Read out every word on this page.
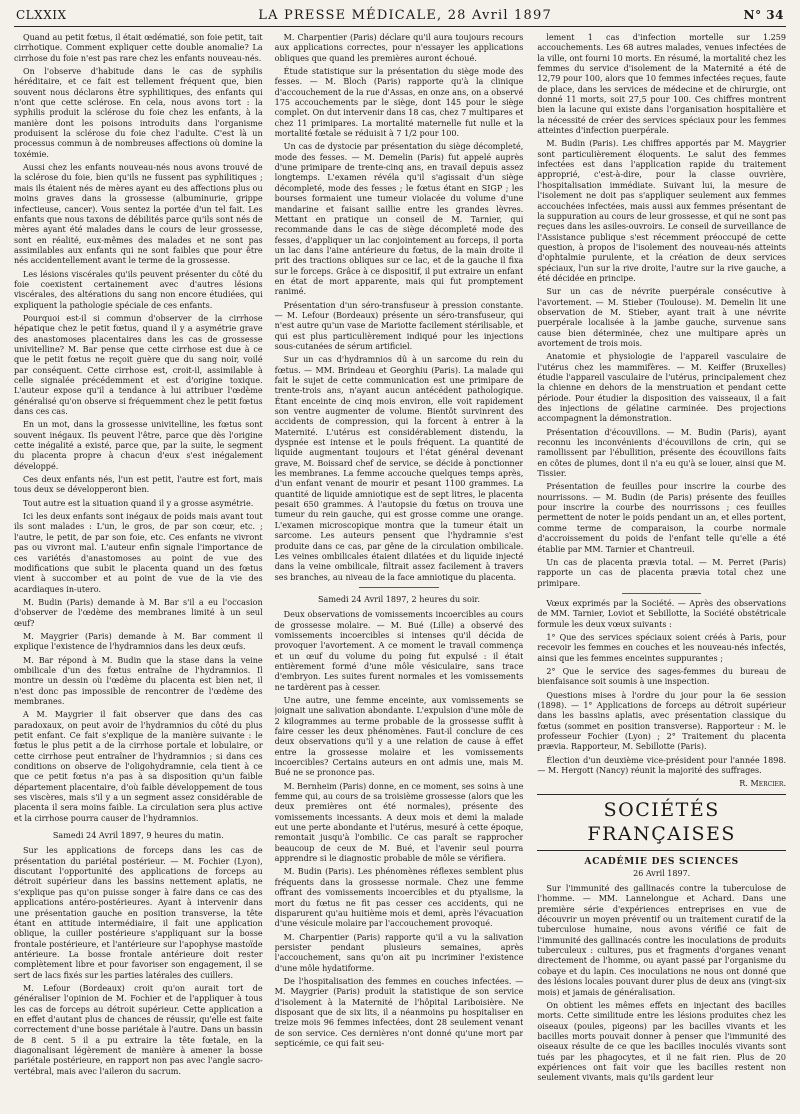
CLXXIX	LA PRESSE MÉDICALE, 28 Avril 1897	N° 34

Quand au petit fœtus, il était œdématié, son foie petit, tait cirrhotique. Comment expliquer cette double anomalie? La cirrhose du foie n'est pas rare chez les enfants nouveau-nés.

On l'observe d'habitude dans le cas de syphilis héréditaire, et ce fait est tellement fréquent que, bien souvent nous déclarons être syphilitiques, des enfants qui n'ont que cette sclérose. En cela, nous avons tort : la syphilis produit la sclérose du foie chez les enfants, à la manière dont les poisons introduits dans l'organisme produisent la sclérose du foie chez l'adulte. C'est là un processus commun à de nombreuses affections où domine la toxémie.

Aussi chez les enfants nouveau-nés nous avons trouvé de la sclérose du foie, bien qu'ils ne fussent pas syphilitiques ; mais ils étaient nés de mères ayant eu des affections plus ou moins graves dans la grossesse (albuminurie, grippe infectieuse, cancer). Vous sentez la portée d'un tel fait. Les enfants que nous taxons de débilités parce qu'ils sont nés de mères ayant été malades dans le cours de leur grossesse, sont en réalité, eux-mêmes des malades et ne sont pas assimilables aux enfants qui ne sont faibles que pour être nés accidentellement avant le terme de la grossesse.

Les lésions viscérales qu'ils peuvent présenter du côté du foie coexistent certainement avec d'autres lésions viscérales, des altérations du sang non encore étudiées, qui expliquent la pathologie spéciale de ces enfants.

Pourquoi est-il si commun d'observer de la cirrhose hépatique chez le petit fœtus, quand il y a asymétrie grave des anastomoses placentaires dans les cas de grossesse univitelline? M. Bar pense que cette cirrhose est due à ce que le petit fœtus ne reçoit guère que du sang noir, voilé par conséquent. Cette cirrhose est, croit-il, assimilable à celle signalée précédemment et est d'origine toxique. L'auteur expose qu'il a tendance à lui attribuer l'œdème généralisé qu'on observe si fréquemment chez le petit fœtus dans ces cas.

En un mot, dans la grossesse univitelline, les fœtus sont souvent inégaux. Ils peuvent l'être, parce que dès l'origine cette inégalité a existé, parce que, par la suite, le segment du placenta propre à chacun d'eux s'est inégalement développé.

Ces deux enfants nés, l'un est petit, l'autre est fort, mais tous deux se développeront bien.

Tout autre est la situation quand il y a grosse asymétrie.

Ici les deux enfants sont inégaux de poids mais avant tout ils sont malades : L'un, le gros, de par son cœur, etc. ; l'autre, le petit, de par son foie, etc. Ces enfants ne vivront pas ou vivront mal. L'auteur enfin signale l'importance de ces variétés d'anastomoses au point de vue des modifications que subit le placenta quand un des fœtus vient à succomber et au point de vue de la vie des acardiaques in-utero.

M. Budin (Paris) demande à M. Bar s'il a eu l'occasion d'observer de l'œdème des membranes limité à un seul œuf?

M. Maygrier (Paris) demande à M. Bar comment il explique l'existence de l'hydramnios dans les deux œufs.

M. Bar répond à M. Budin que la stase dans la veine ombilicale d'un des fœtus entraîne de l'hydramnios. Il montre un dessin où l'œdème du placenta est bien net, il n'est donc pas impossible de rencontrer de l'œdème des membranes.

A M. Maygrier il fait observer que dans des cas paradoxaux, on peut avoir de l'hydramnios du côté du plus petit enfant. Ce fait s'explique de la manière suivante : le fœtus le plus petit a de la cirrhose portale et lobulaire, or cette cirrhose peut entraîner de l'hydramnios ; si dans ces conditions on observe de l'oligohydramnie, cela tient à ce que ce petit fœtus n'a pas à sa disposition qu'un faible département placentaire, d'où faible développement de tous ses viscères, mais s'il y a un segment assez considérable de placenta il sera moins faible. La circulation sera plus active et la cirrhose pourra causer de l'hydramnios.

Samedi 24 Avril 1897, 9 heures du matin.

Sur les applications de forceps dans les cas de présentation du pariétal postérieur. — M. Fochier (Lyon), discutant l'opportunité des applications de forceps au détroit supérieur dans les bassins nettement aplatis, ne s'explique pas qu'on puisse songer à faire dans ce cas des applications antéro-postérieures. Ayant à intervenir dans une présentation gauche en position transverse, la tête étant en attitude intermédiaire, il fait une application oblique, la cuiller postérieure s'appliquant sur la bosse frontale postérieure, et l'antérieure sur l'apophyse mastoïde antérieure. La bosse frontale antérieure doit rester complètement libre et pour favoriser son engagement, il se sert de lacs fixés sur les parties latérales des cuillers.

M. Lefour (Bordeaux) croit qu'on aurait tort de généraliser l'opinion de M. Fochier et de l'appliquer à tous les cas de forceps au détroit supérieur. Cette application a en effet d'autant plus de chances de réussir, qu'elle est faite correctement d'une bosse pariétale à l'autre. Dans un bassin de 8 cent. 5 il a pu extraire la tête fœtale, en la diagonalisant légèrement de manière à amener la bosse pariétale postérieure, en rapport non pas avec l'angle sacro-vertébral, mais avec l'aileron du sacrum.

M. Charpentier (Paris) déclare qu'il aura toujours recours aux applications correctes, pour n'essayer les applications obliques que quand les premières auront échoué.

Étude statistique sur la présentation du siège mode des fesses. — M. Bloch (Paris) rapporte qu'à la clinique d'accouchement de la rue d'Assas, en onze ans, on a observé 175 accouchements par le siège, dont 145 pour le siège complet. On dut intervenir dans 18 cas, chez 7 multipares et chez 11 primipares. La mortalité maternelle fut nulle et la mortalité fœtale se réduisit à 7 1/2 pour 100.

Un cas de dystocie par présentation du siège décompleté, mode des fesses. — M. Demelin (Paris) fut appelé auprès d'une primipare de trente-cinq ans, en travail depuis assez longtemps. L'examen révéla qu'il s'agissait d'un siège décompleté, mode des fesses ; le fœtus étant en SIGP ; les bourses formaient une tumeur violacée du volume d'une mandarine et faisant saillie entre les grandes lèvres. Mettant en pratique un conseil de M. Tarnier, qui recommande dans le cas de siège décompleté mode des fesses, d'appliquer un lac conjointement au forceps, il porta un lac dans l'aine antérieure du fœtus, de la main droite il prit des tractions obliques sur ce lac, et de la gauche il fixa sur le forceps. Grâce à ce dispositif, il put extraire un enfant en état de mort apparente, mais qui fut promptement ranimé.

Présentation d'un séro-transfuseur à pression constante. — M. Lefour (Bordeaux) présente un séro-transfuseur, qui n'est autre qu'un vase de Mariotte facilement stérilisable, et qui est plus particulièrement indiqué pour les injections sous-cutanées de sérum artificiel.

Sur un cas d'hydramnios dû à un sarcome du rein du fœtus. — MM. Brindeau et Georghiu (Paris). La malade qui fait le sujet de cette communication est une primipare de trente-trois ans, n'ayant aucun antécédent pathologique. Étant enceinte de cinq mois environ, elle voit rapidement son ventre augmenter de volume. Bientôt survinrent des accidents de compression, qui la forcent à entrer à la Maternité. L'utérus est considérablement distendu, la dyspnée est intense et le pouls fréquent. La quantité de liquide augmentant toujours et l'état général devenant grave, M. Boissard chef de service, se décide à ponctionner les membranes. La femme accouche quelques temps après, d'un enfant venant de mourir et pesant 1100 grammes. La quantité de liquide amniotique est de sept litres, le placenta pesait 650 grammes. À l'autopsie du fœtus on trouva une tumeur du rein gauche, qui est grosse comme une orange. L'examen microscopique montra que la tumeur était un sarcome. Les auteurs pensent que l'hydramnie s'est produite dans ce cas, par gêne de la circulation ombilicale. Les veines ombilicales étaient dilatées et du liquide injecté dans la veine ombilicale, filtrait assez facilement à travers ses branches, au niveau de la face amniotique du placenta.

Samedi 24 Avril 1897, 2 heures du soir.

Deux observations de vomissements incoercibles au cours de grossesse molaire. — M. Bué (Lille) a observé des vomissements incoercibles si intenses qu'il décida de provoquer l'avortement. A ce moment le travail commença et un œuf du volume du poing fut expulsé : il était entièrement formé d'une môle vésiculaire, sans trace d'embryon. Les suites furent normales et les vomissements ne tardèrent pas à cesser.

Une autre, une femme enceinte, aux vomissements se joignait une salivation abondante. L'expulsion d'une môle de 2 kilogrammes au terme probable de la grossesse suffit à faire cesser les deux phénomènes. Faut-il conclure de ces deux observations qu'il y a une relation de cause à effet entre la grossesse molaire et les vomissements incoercibles? Certains auteurs en ont admis une, mais M. Bué ne se prononce pas.

M. Bernheim (Paris) donne, en ce moment, ses soins à une femme qui, au cours de sa troisième grossesse (alors que les deux premières ont été normales), présente des vomissements incessants. A deux mois et demi la malade eut une perte abondante et l'utérus, mesuré à cette époque, remontait jusqu'à l'ombilic. Ce cas paraît se rapprocher beaucoup de ceux de M. Bué, et l'avenir seul pourra apprendre si le diagnostic probable de môle se vérifiera.

M. Budin (Paris). Les phénomènes réflexes semblent plus fréquents dans la grossesse normale. Chez une femme offrant des vomissements incoercibles et du ptyalisme, la mort du fœtus ne fit pas cesser ces accidents, qui ne disparurent qu'au huitième mois et demi, après l'évacuation d'une vésicule molaire par l'accouchement provoqué.

M. Charpentier (Paris) rapporte qu'il a vu la salivation persister pendant plusieurs semaines, après l'accouchement, sans qu'on ait pu incriminer l'existence d'une môle hydatiforme.

De l'hospitalisation des femmes en couches infectées. — M. Maygrier (Paris) produit la statistique de son service d'isolement à la Maternité de l'hôpital Lariboisière. Ne disposant que de six lits, il a néanmoins pu hospitaliser en treize mois 96 femmes infectées, dont 28 seulement venant de son service. Ces dernières n'ont donné qu'une mort par septicémie, ce qui fait seu-

lement 1 cas d'infection mortelle sur 1.259 accouchements. Les 68 autres malades, venues infectées de la ville, ont fourni 10 morts. En résumé, la mortalité chez les femmes du service d'isolement de la Maternité a été de 12,79 pour 100, alors que 10 femmes infectées reçues, faute de place, dans les services de médecine et de chirurgie, ont donné 11 morts, soit 27,5 pour 100. Ces chiffres montrent bien la lacune qui existe dans l'organisation hospitalière et la nécessité de créer des services spéciaux pour les femmes atteintes d'infection puerpérale.

M. Budin (Paris). Les chiffres apportés par M. Maygrier sont particulièrement éloquents. Le salut des femmes infectées est dans l'application rapide du traitement approprié, c'est-à-dire, pour la classe ouvrière, l'hospitalisation immédiate. Suivant lui, la mesure de l'isolement ne doit pas s'appliquer seulement aux femmes accouchées infectées, mais aussi aux femmes présentant de la suppuration au cours de leur grossesse, et qui ne sont pas reçues dans les asiles-ouvroirs. Le conseil de surveillance de l'Assistance publique s'est récemment préoccupé de cette question, à propos de l'isolement des nouveau-nés atteints d'ophtalmie purulente, et la création de deux services spéciaux, l'un sur la rive droite, l'autre sur la rive gauche, a été décidée en principe.

Sur un cas de névrite puerpérale consécutive à l'avortement. — M. Stieber (Toulouse). M. Demelin lit une observation de M. Stieber, ayant trait à une névrite puerpérale localisée à la jambe gauche, survenue sans cause bien déterminée, chez une multipare après un avortement de trois mois.

Anatomie et physiologie de l'appareil vasculaire de l'utérus chez les mammifères. — M. Keiffer (Bruxelles) étudie l'appareil vasculaire de l'utérus, principalement chez la chienne en dehors de la menstruation et pendant cette période. Pour étudier la disposition des vaisseaux, il a fait des injections de gélatine carminée. Des projections accompagnent la démonstration.

Présentation d'écouvillons. — M. Budin (Paris), ayant reconnu les inconvénients d'écouvillons de crin, qui se ramollissent par l'ébullition, présente des écouvillons faits en côtes de plumes, dont il n'a eu qu'à se louer, ainsi que M. Tissier.

Présentation de feuilles pour inscrire la courbe des nourrissons. — M. Budin (de Paris) présente des feuilles pour inscrire la courbe des nourrissons ; ces feuilles permettent de noter le poids pendant un an, et elles portent, comme terme de comparaison, la courbe normale d'accroissement du poids de l'enfant telle qu'elle a été établie par MM. Tarnier et Chantreuil.

Un cas de placenta prævia total. — M. Perret (Paris) rapporte un cas de placenta prævia total chez une primipare.

Vœux exprimés par la Société. — Après des observations de MM. Tarnier, Loviot et Sebillotte, la Société obstétricale formule les deux vœux suivants :

1° Que des services spéciaux soient créés à Paris, pour recevoir les femmes en couches et les nouveau-nés infectés, ainsi que les femmes enceintes suppurantes ;

2° Que le service des sages-femmes du bureau de bienfaisance soit soumis à une inspection.

Questions mises à l'ordre du jour pour la 6e session (1898). — 1° Applications de forceps au détroit supérieur dans les bassins aplatis, avec présentation classique du fœtus (sommet en position transverse). Rapporteur : M. le professeur Fochier (Lyon) ; 2° Traitement du placenta prævia. Rapporteur, M. Sebillotte (Paris).

Élection d'un deuxième vice-président pour l'année 1898. — M. Hergott (Nancy) réunit la majorité des suffrages.

R. Mercier.

SOCIÉTÉS FRANÇAISES
ACADÉMIE DES SCIENCES

26 Avril 1897.

Sur l'immunité des gallinacés contre la tuberculose de l'homme. — MM. Lannelongue et Achard. Dans une première série d'expériences entreprises en vue de découvrir un moyen préventif ou un traitement curatif de la tuberculose humaine, nous avons vérifié ce fait de l'immunité des gallinacés contre les inoculations de produits tuberculeux : cultures, pus et fragments d'organes venant directement de l'homme, ou ayant passé par l'organisme du cobaye et du lapin. Ces inoculations ne nous ont donné que des lésions locales pouvant durer plus de deux ans (vingt-six mois) et jamais de généralisation.

On obtient les mêmes effets en injectant des bacilles morts. Cette similitude entre les lésions produites chez les oiseaux (poules, pigeons) par les bacilles vivants et les bacilles morts pouvait donner à penser que l'immunité des oiseaux résulte de ce que les bacilles inoculés vivants sont tués par les phagocytes, et il ne fait rien. Plus de 20 expériences ont fait voir que les bacilles restent non seulement vivants, mais qu'ils gardent leur
